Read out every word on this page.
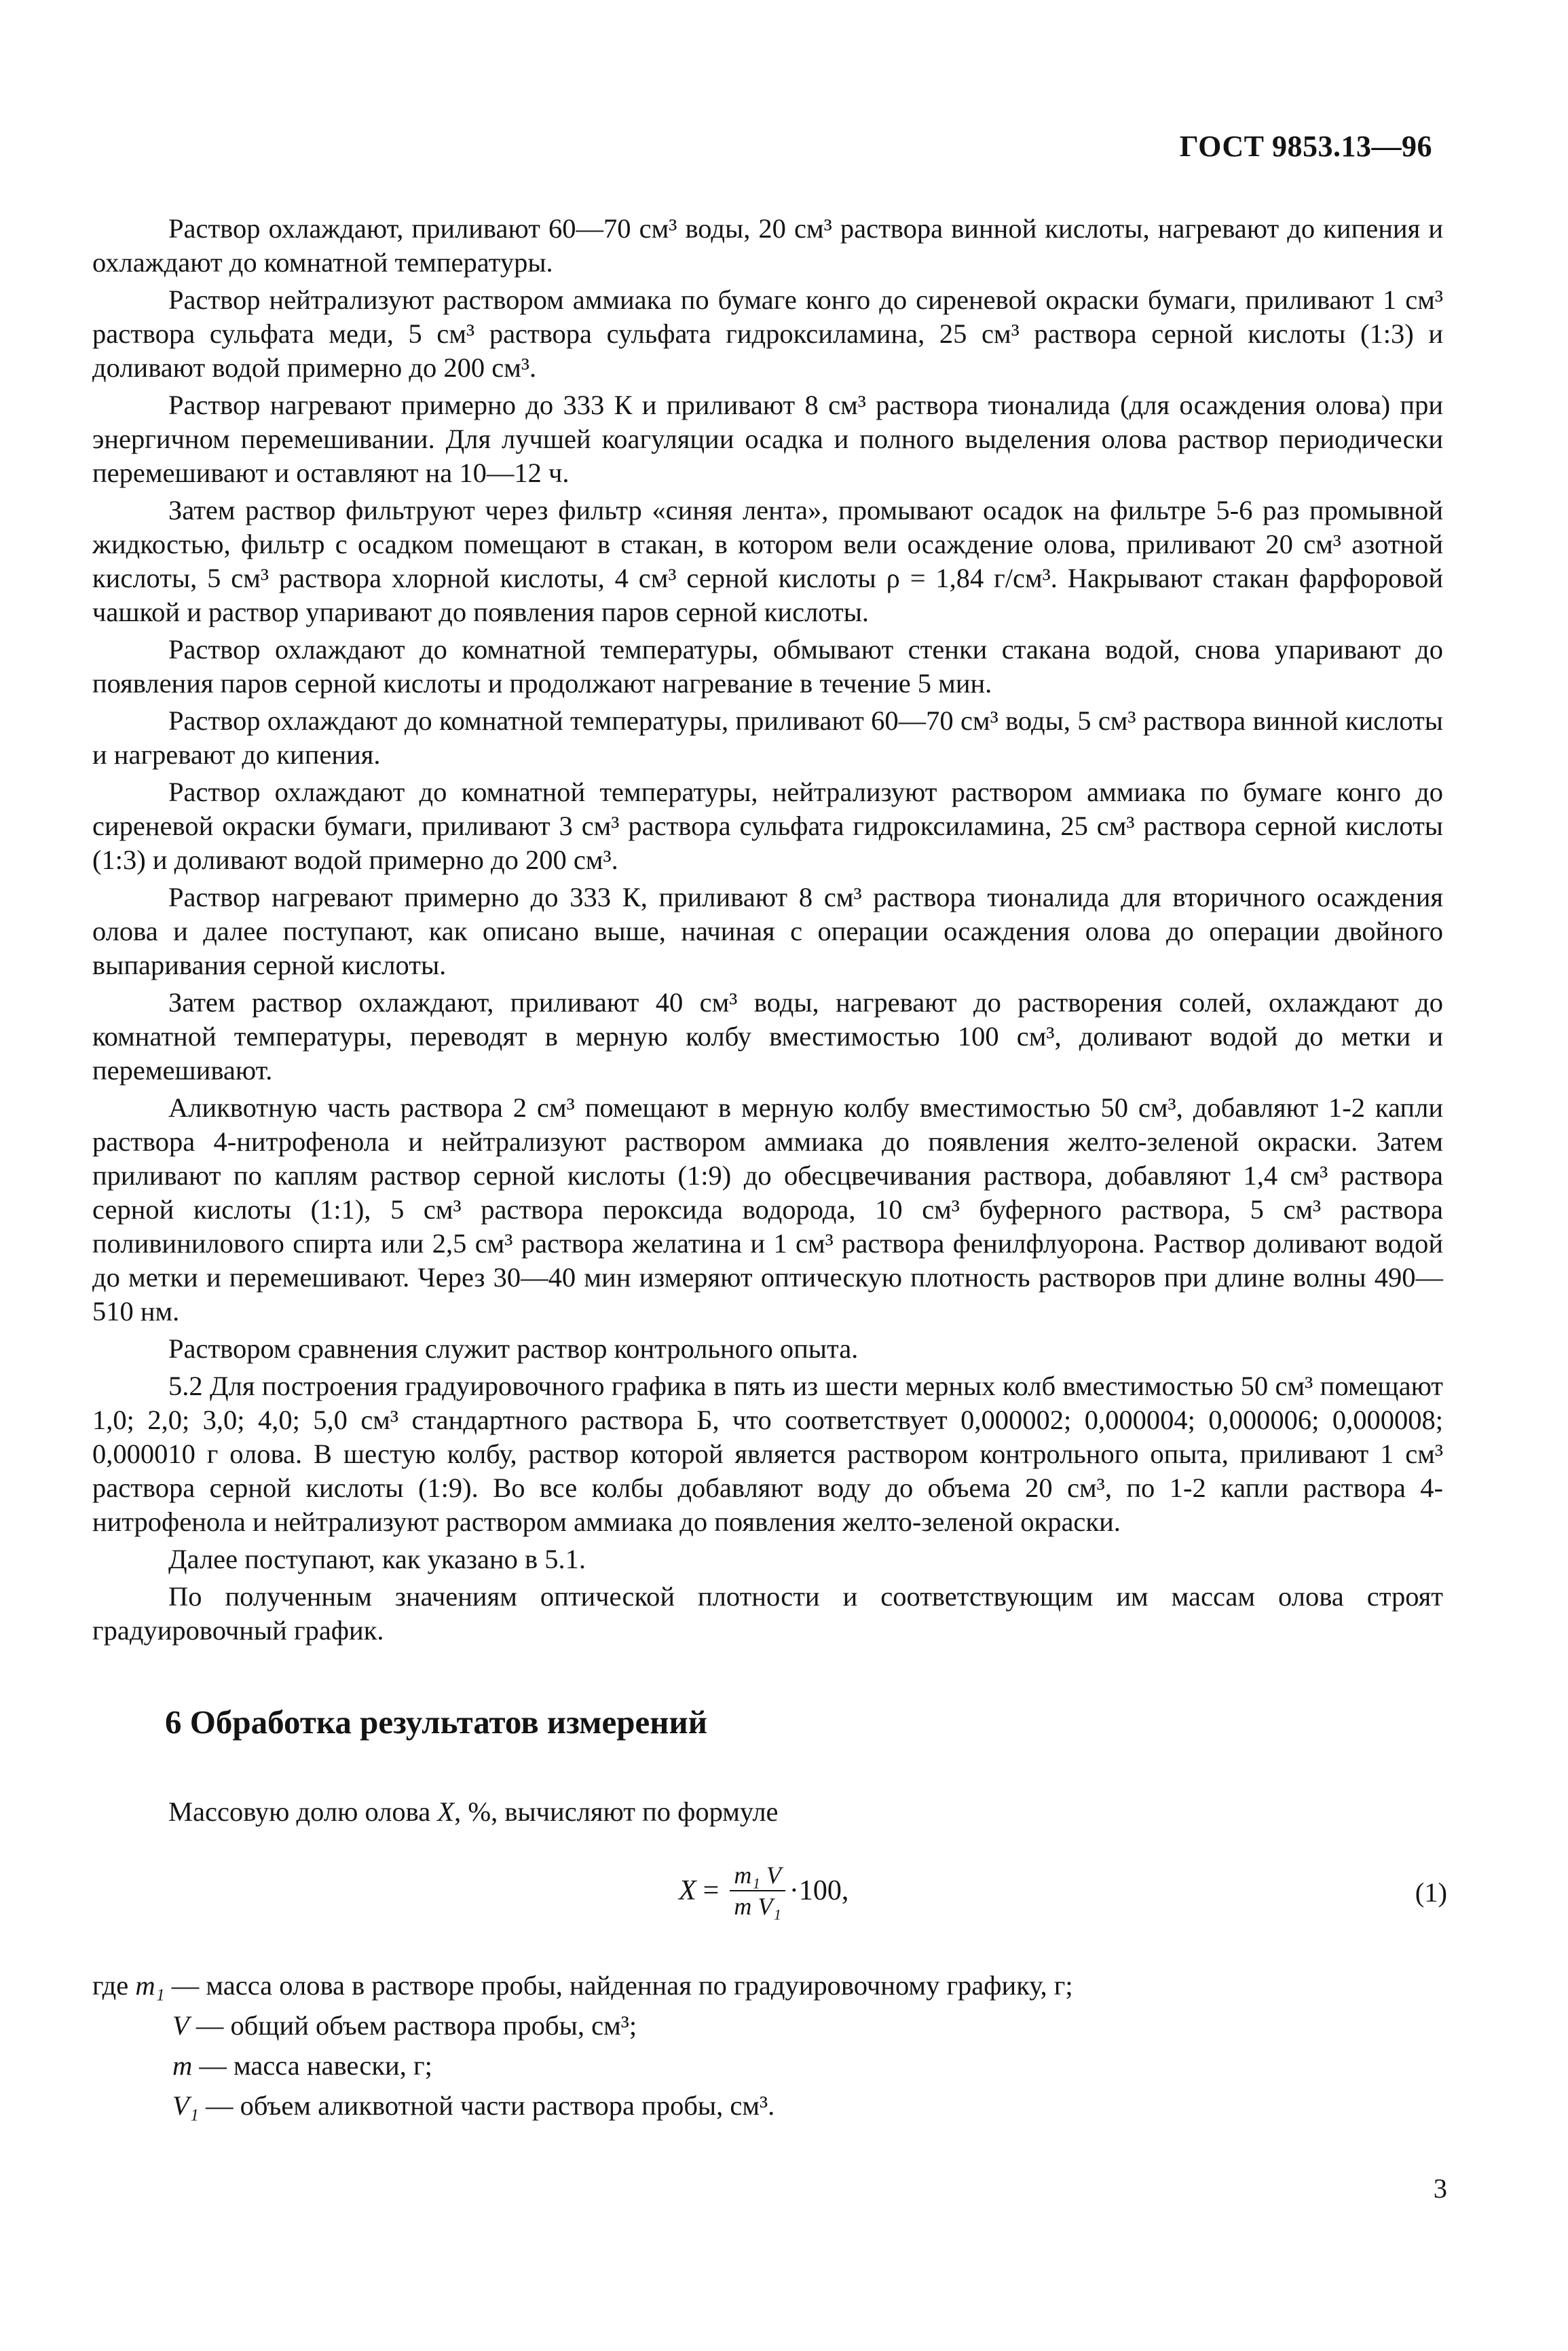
ГОСТ 9853.13—96

Раствор охлаждают, приливают 60—70 см³ воды, 20 см³ раствора винной кислоты, нагревают до кипения и охлаждают до комнатной температуры.

Раствор нейтрализуют раствором аммиака по бумаге конго до сиреневой окраски бумаги, приливают 1 см³ раствора сульфата меди, 5 см³ раствора сульфата гидроксиламина, 25 см³ раствора серной кислоты (1:3) и доливают водой примерно до 200 см³.

Раствор нагревают примерно до 333 К и приливают 8 см³ раствора тионалида (для осаждения олова) при энергичном перемешивании. Для лучшей коагуляции осадка и полного выделения олова раствор периодически перемешивают и оставляют на 10—12 ч.

Затем раствор фильтруют через фильтр «синяя лента», промывают осадок на фильтре 5-6 раз промывной жидкостью, фильтр с осадком помещают в стакан, в котором вели осаждение олова, приливают 20 см³ азотной кислоты, 5 см³ раствора хлорной кислоты, 4 см³ серной кислоты ρ = 1,84 г/см³. Накрывают стакан фарфоровой чашкой и раствор упаривают до появления паров серной кислоты.

Раствор охлаждают до комнатной температуры, обмывают стенки стакана водой, снова упаривают до появления паров серной кислоты и продолжают нагревание в течение 5 мин.

Раствор охлаждают до комнатной температуры, приливают 60—70 см³ воды, 5 см³ раствора винной кислоты и нагревают до кипения.

Раствор охлаждают до комнатной температуры, нейтрализуют раствором аммиака по бумаге конго до сиреневой окраски бумаги, приливают 3 см³ раствора сульфата гидроксиламина, 25 см³ раствора серной кислоты (1:3) и доливают водой примерно до 200 см³.

Раствор нагревают примерно до 333 К, приливают 8 см³ раствора тионалида для вторичного осаждения олова и далее поступают, как описано выше, начиная с операции осаждения олова до операции двойного выпаривания серной кислоты.

Затем раствор охлаждают, приливают 40 см³ воды, нагревают до растворения солей, охлаждают до комнатной температуры, переводят в мерную колбу вместимостью 100 см³, доливают водой до метки и перемешивают.

Аликвотную часть раствора 2 см³ помещают в мерную колбу вместимостью 50 см³, добавляют 1-2 капли раствора 4-нитрофенола и нейтрализуют раствором аммиака до появления желто-зеленой окраски. Затем приливают по каплям раствор серной кислоты (1:9) до обесцвечивания раствора, добавляют 1,4 см³ раствора серной кислоты (1:1), 5 см³ раствора пероксида водорода, 10 см³ буферного раствора, 5 см³ раствора поливинилового спирта или 2,5 см³ раствора желатина и 1 см³ раствора фенилфлуорона. Раствор доливают водой до метки и перемешивают. Через 30—40 мин измеряют оптическую плотность растворов при длине волны 490—510 нм.

Раствором сравнения служит раствор контрольного опыта.

5.2 Для построения градуировочного графика в пять из шести мерных колб вместимостью 50 см³ помещают 1,0; 2,0; 3,0; 4,0; 5,0 см³ стандартного раствора Б, что соответствует 0,000002; 0,000004; 0,000006; 0,000008; 0,000010 г олова. В шестую колбу, раствор которой является раствором контрольного опыта, приливают 1 см³ раствора серной кислоты (1:9). Во все колбы добавляют воду до объема 20 см³, по 1-2 капли раствора 4-нитрофенола и нейтрализуют раствором аммиака до появления желто-зеленой окраски.

Далее поступают, как указано в 5.1.

По полученным значениям оптической плотности и соответствующим им массам олова строят градуировочный график.

6 Обработка результатов измерений
Массовую долю олова X, %, вычисляют по формуле
$X = \frac{\text{m₁ V}}{\text{m V₁}} \cdot 100$,	(1)
где m₁ — масса олова в растворе пробы, найденная по градуировочному графику, г;
V — общий объем раствора пробы, см³;
m — масса навески, г;
V₁ — объем аликвотной части раствора пробы, см³.
3
